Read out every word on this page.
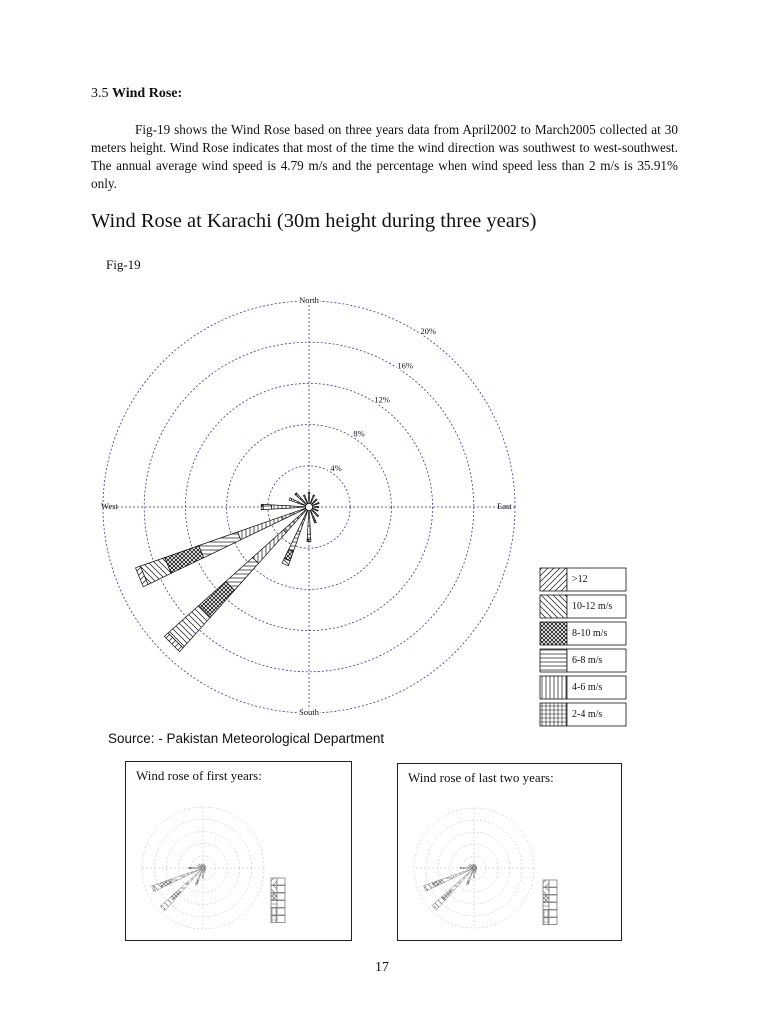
3.5 Wind Rose:

Fig-19 shows the Wind Rose based on three years data from April2002 to March2005 collected at 30 meters height. Wind Rose indicates that most of the time the wind direction was southwest to west-southwest. The annual average wind speed is 4.79 m/s and the percentage when wind speed less than 2 m/s is 35.91% only.

Wind Rose at Karachi (30m height during three years)
Fig-19
North
South
East
West
4%
8%
12%
16%
20%
>12
10-12 m/s
8-10 m/s
6-8 m/s
4-6 m/s
2-4 m/s
Source: - Pakistan Meteorological Department
Wind rose of first years:	Wind rose of last two years:
17
